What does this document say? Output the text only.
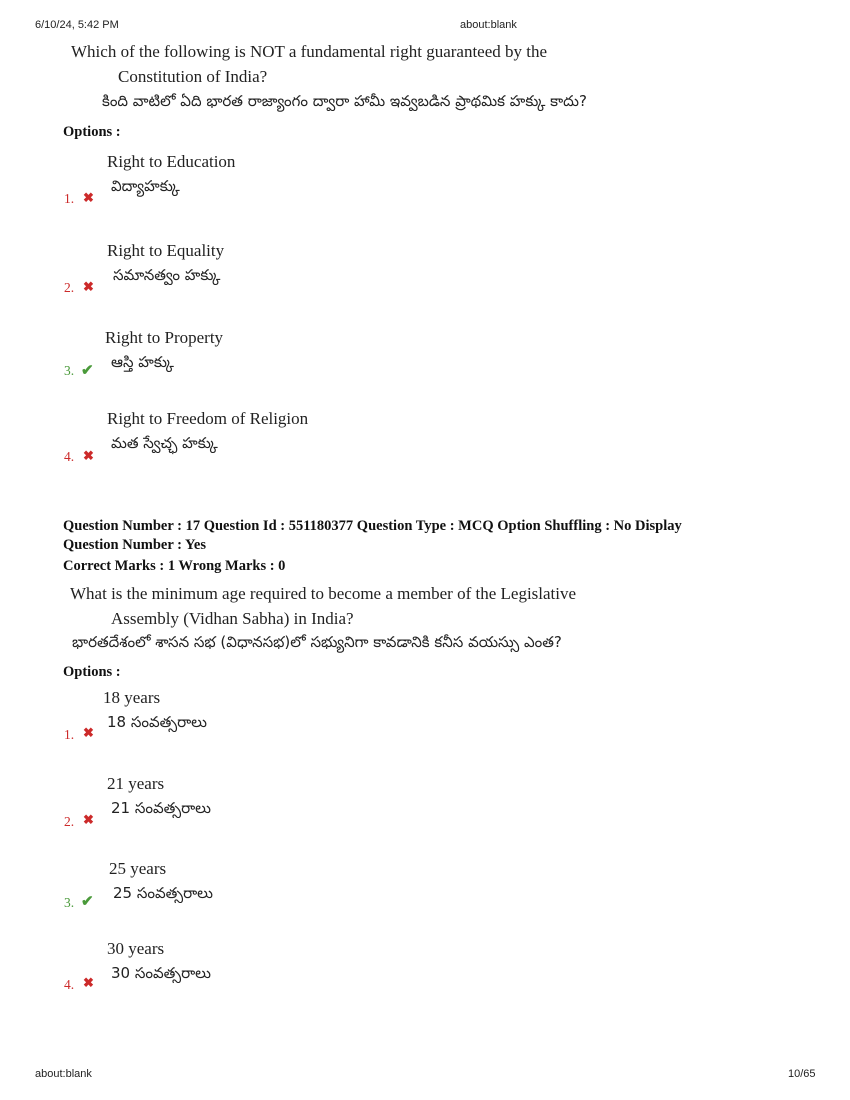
6/10/24, 5:42 PM	about:blank
Which of the following is NOT a fundamental right guaranteed by the
Constitution of India?
కింది వాటిలో ఏది భారత రాజ్యాంగం ద్వారా హామీ ఇవ్వబడిన ప్రాథమిక హక్కు కాదు?
Options :
Right to Education
విద్యాహక్కు
1. ✖
Right to Equality
సమానత్వం హక్కు
2. ✖
Right to Property
ఆస్తి హక్కు
3. ✔
Right to Freedom of Religion
మత స్వేచ్ఛ హక్కు
4. ✖
Question Number : 17 Question Id : 551180377 Question Type : MCQ Option Shuffling : No Display
Question Number : Yes
Correct Marks : 1 Wrong Marks : 0
What is the minimum age required to become a member of the Legislative
Assembly (Vidhan Sabha) in India?
భారతదేశంలో శాసన సభ (విధానసభ)లో సభ్యునిగా కావడానికి కనీస వయస్సు ఎంత?
Options :
18 years
18 సంవత్సరాలు
1. ✖
21 years
21 సంవత్సరాలు
2. ✖
25 years
25 సంవత్సరాలు
3. ✔
30 years
30 సంవత్సరాలు
4. ✖
about:blank	10/65
